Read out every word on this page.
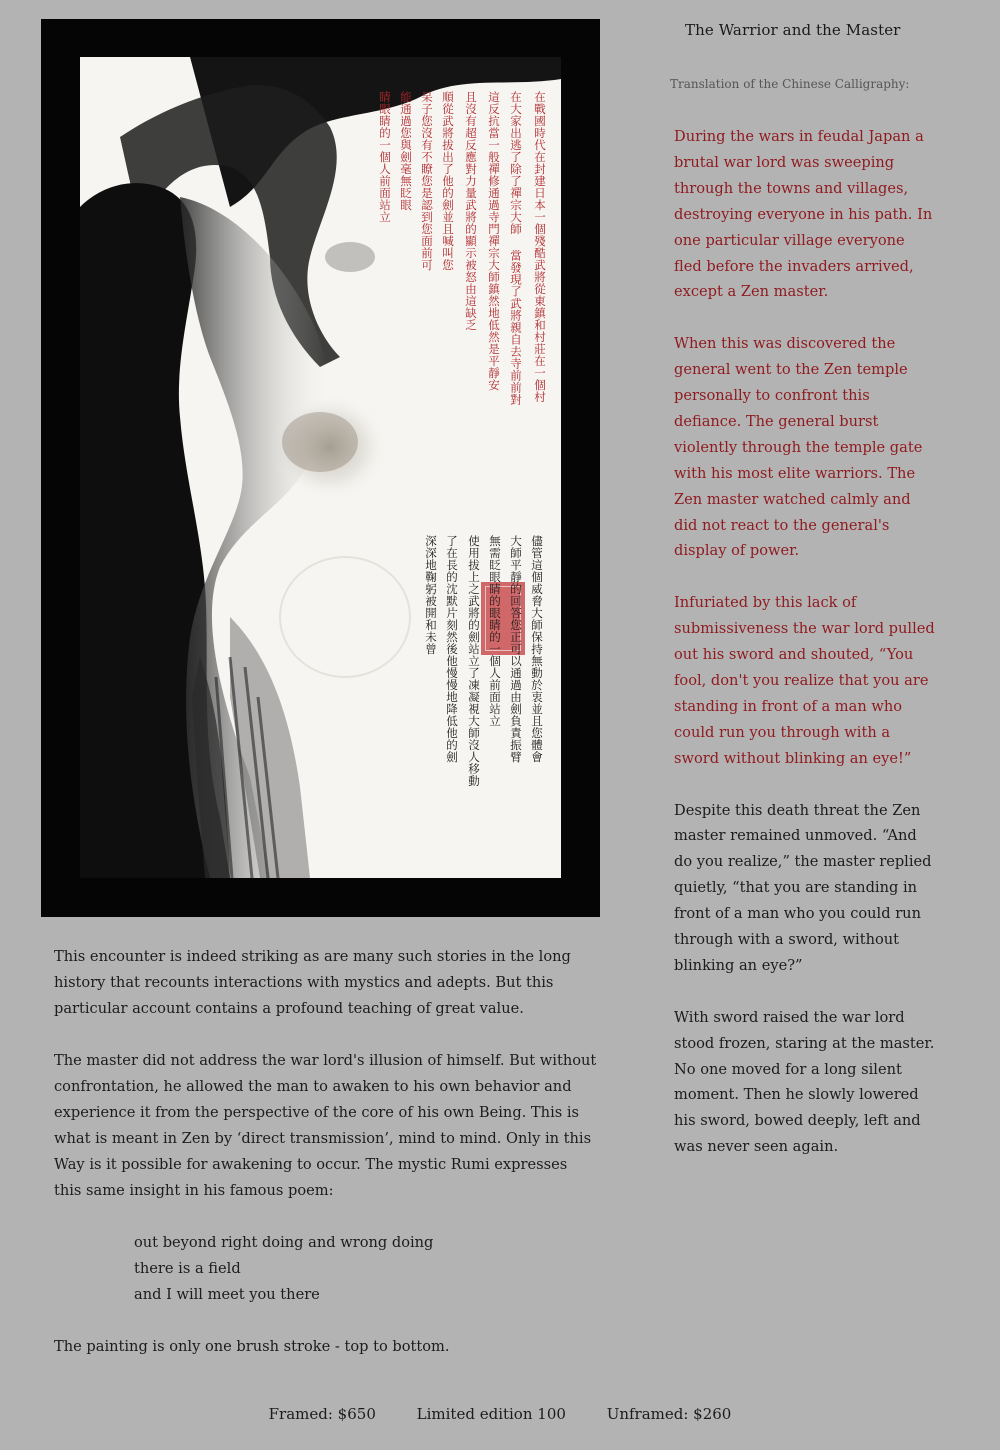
在戰國時代在封建日本一個殘酷武將從東鎮和村莊在一個村
在大家出逃了除了禪宗大師 當發現了武將親自去寺前前對
這反抗當一般禪修通過寺門禪宗大師鎮然地低然是平靜安
且沒有超反應對力量武將的顯示被怒由這缺乏
順從武將拔出了他的劍並且喊叫您
呆子您沒有不瞭您是認到您面前可
能通過您與劍毫無眨眼
睛眼睛的一個人前面站立
儘管這個威脅大師保持無動於衷並且您體會
大師平靜的回答您正可以通過由劍負責振臂
無需眨眼睛的眼睛的一個人前面站立
使用拔上之武將的劍站立了凍凝視大師沒人移動
了在長的沈默片刻然後他慢慢地降低他的劍
深深地鞠躬被開和未曾
The Warrior and the Master
Translation of the Chinese Calligraphy:

During the wars in feudal Japan a brutal war lord was sweeping through the towns and villages, destroying everyone in his path. In one particular village everyone fled before the invaders arrived, except a Zen master.

When this was discovered the general went to the Zen temple personally to confront this defiance. The general burst violently through the temple gate with his most elite warriors. The Zen master watched calmly and did not react to the general's display of power.

Infuriated by this lack of submissiveness the war lord pulled out his sword and shouted, “You fool, don't you realize that you are standing in front of a man who could run you through with a sword without blinking an eye!”

Despite this death threat the Zen master remained unmoved. “And do you realize,” the master replied quietly, “that you are standing in front of a man who you could run through with a sword, without blinking an eye?”

With sword raised the war lord stood frozen, staring at the master. No one moved for a long silent moment. Then he slowly lowered his sword, bowed deeply, left and was never seen again.

This encounter is indeed striking as are many such stories in the long history that recounts interactions with mystics and adepts. But this particular account contains a profound teaching of great value.

The master did not address the war lord's illusion of himself. But without confrontation, he allowed the man to awaken to his own behavior and experience it from the perspective of the core of his own Being. This is what is meant in Zen by ‘direct transmission’, mind to mind. Only in this Way is it possible for awakening to occur. The mystic Rumi expresses this same insight in his famous poem:

out beyond right doing and wrong doing
there is a field
and I will meet you there

The painting is only one brush stroke - top to bottom.

Framed: $650	Limited edition 100	Unframed: $260
